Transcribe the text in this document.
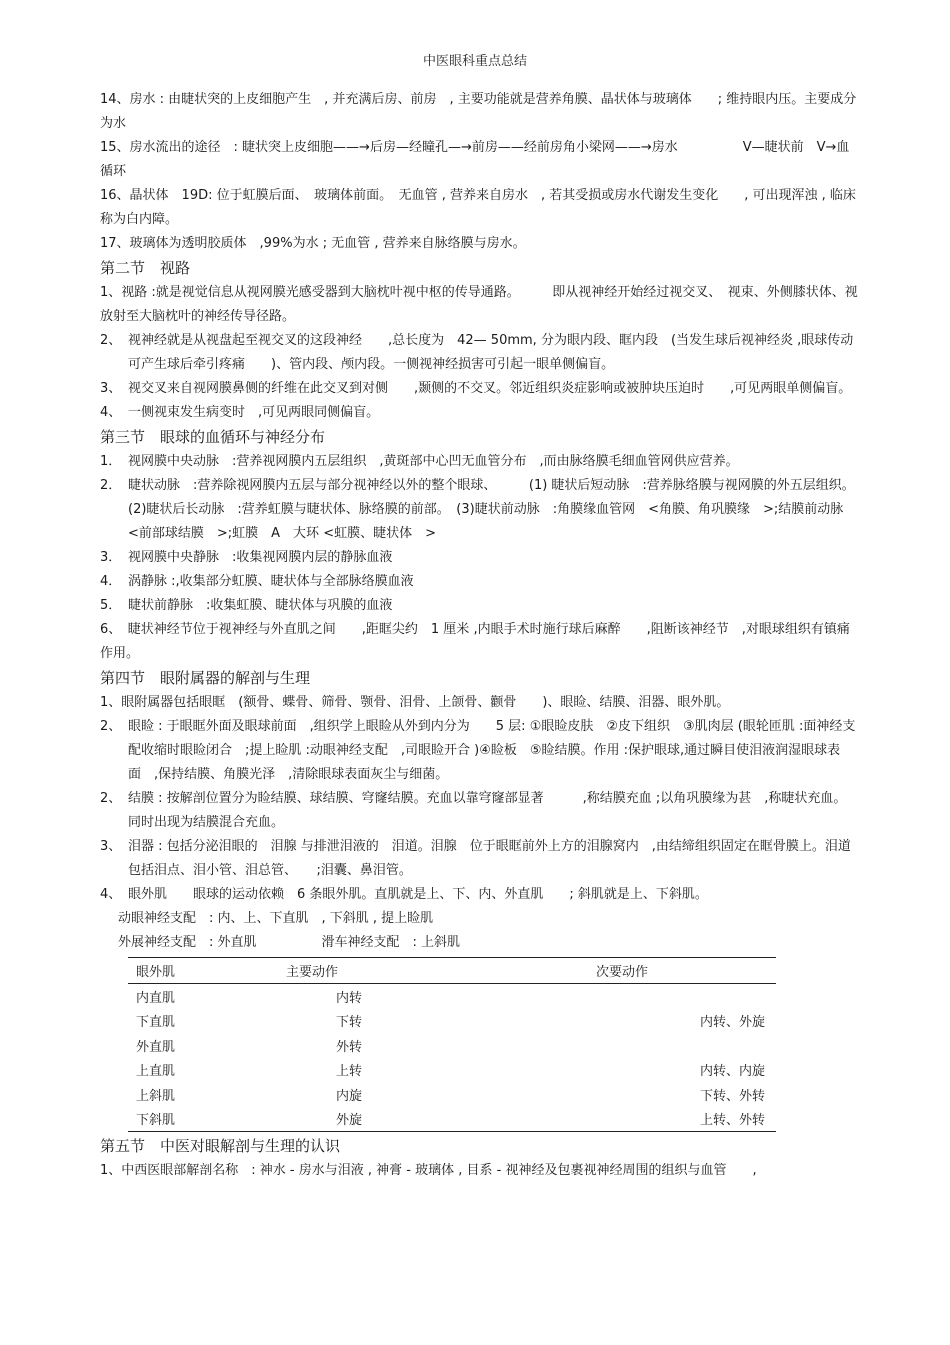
中医眼科重点总结

14、房水 : 由睫状突的上皮细胞产生　, 并充满后房、前房　, 主要功能就是营养角膜、晶状体与玻璃体　　; 维持眼内压。主要成分为水

15、房水流出的途径　: 睫状突上皮细胞——→后房—经瞳孔—→前房——经前房角小梁网——→房水　　　　　V—睫状前　V→血循环

16、晶状体　19D: 位于虹膜后面、　玻璃体前面。　无血管 , 营养来自房水　, 若其受损或房水代谢发生变化　　, 可出现浑浊 , 临床称为白内障。

17、玻璃体为透明胶质体　,99%为水 ; 无血管 , 营养来自脉络膜与房水。

第二节　视路

1、视路 :就是视觉信息从视网膜光感受器到大脑枕叶视中枢的传导通路。　　　即从视神经开始经过视交叉、　视束、外侧膝状体、视放射至大脑枕叶的神经传导径路。

2、 视神经就是从视盘起至视交叉的这段神经　　,总长度为　42— 50mm, 分为眼内段、眶内段　(当发生球后视神经炎 ,眼球传动可产生球后牵引疼痛　　)、管内段、颅内段。一侧视神经损害可引起一眼单侧偏盲。
3、 视交叉来自视网膜鼻侧的纤维在此交叉到对侧　　,颞侧的不交叉。邻近组织炎症影响或被肿块压迫时　　,可见两眼单侧偏盲。
4、 一侧视束发生病变时　,可见两眼同侧偏盲。

第三节　眼球的血循环与神经分布

1． 视网膜中央动脉　:营养视网膜内五层组织　,黄斑部中心凹无血管分布　,而由脉络膜毛细血管网供应营养。
2． 睫状动脉　:营养除视网膜内五层与部分视神经以外的整个眼球、　　　(1) 睫状后短动脉　:营养脉络膜与视网膜的外五层组织。　(2)睫状后长动脉　:营养虹膜与睫状体、脉络膜的前部。　(3)睫状前动脉　:角膜缘血管网　<角膜、角巩膜缘　>;结膜前动脉　<前部球结膜　>;虹膜　A　大环 <虹膜、睫状体　>
3． 视网膜中央静脉　:收集视网膜内层的静脉血液
4． 涡静脉 :,收集部分虹膜、睫状体与全部脉络膜血液
5． 睫状前静脉　:收集虹膜、睫状体与巩膜的血液

6、　睫状神经节位于视神经与外直肌之间　　,距眶尖约　1 厘米 ,内眼手术时施行球后麻醉　　,阻断该神经节　,对眼球组织有镇痛作用。

第四节　眼附属器的解剖与生理

1、眼附属器包括眼眶　(额骨、蝶骨、筛骨、颚骨、泪骨、上颌骨、颧骨　　)、眼睑、结膜、泪器、眼外肌。

2、 眼睑 : 于眼眶外面及眼球前面　,组织学上眼睑从外到内分为　　5 层: ①眼睑皮肤　②皮下组织　③肌肉层 (眼轮匝肌 :面神经支配收缩时眼睑闭合　;提上睑肌 :动眼神经支配　,司眼睑开合 )④睑板　⑤睑结膜。作用 :保护眼球,通过瞬目使泪液润湿眼球表面　,保持结膜、角膜光泽　,清除眼球表面灰尘与细菌。
2、 结膜 : 按解剖位置分为睑结膜、球结膜、穹窿结膜。充血以靠穹窿部显著　　　,称结膜充血 ;以角巩膜缘为甚　,称睫状充血。同时出现为结膜混合充血。
3、 泪器 : 包括分泌泪眼的　泪腺 与排泄泪液的　泪道。泪腺　位于眼眶前外上方的泪腺窝内　,由结缔组织固定在眶骨膜上。泪道包括泪点、泪小管、泪总管、　　;泪囊、鼻泪管。
4、 眼外肌　　眼球的运动依赖　6 条眼外肌。直肌就是上、下、内、外直肌　　; 斜肌就是上、下斜肌。

动眼神经支配　: 内、上、下直肌　, 下斜肌 , 提上睑肌

外展神经支配　: 外直肌　　　　　滑车神经支配　: 上斜肌

眼外肌	主要动作	次要动作
内直肌	内转	
下直肌	下转	内转、外旋
外直肌	外转	
上直肌	上转	内转、内旋
上斜肌	内旋	下转、外转
下斜肌	外旋	上转、外转

第五节　中医对眼解剖与生理的认识

1、中西医眼部解剖名称　: 神水 - 房水与泪液 , 神膏 - 玻璃体 , 目系 - 视神经及包裹视神经周围的组织与血管　　,
